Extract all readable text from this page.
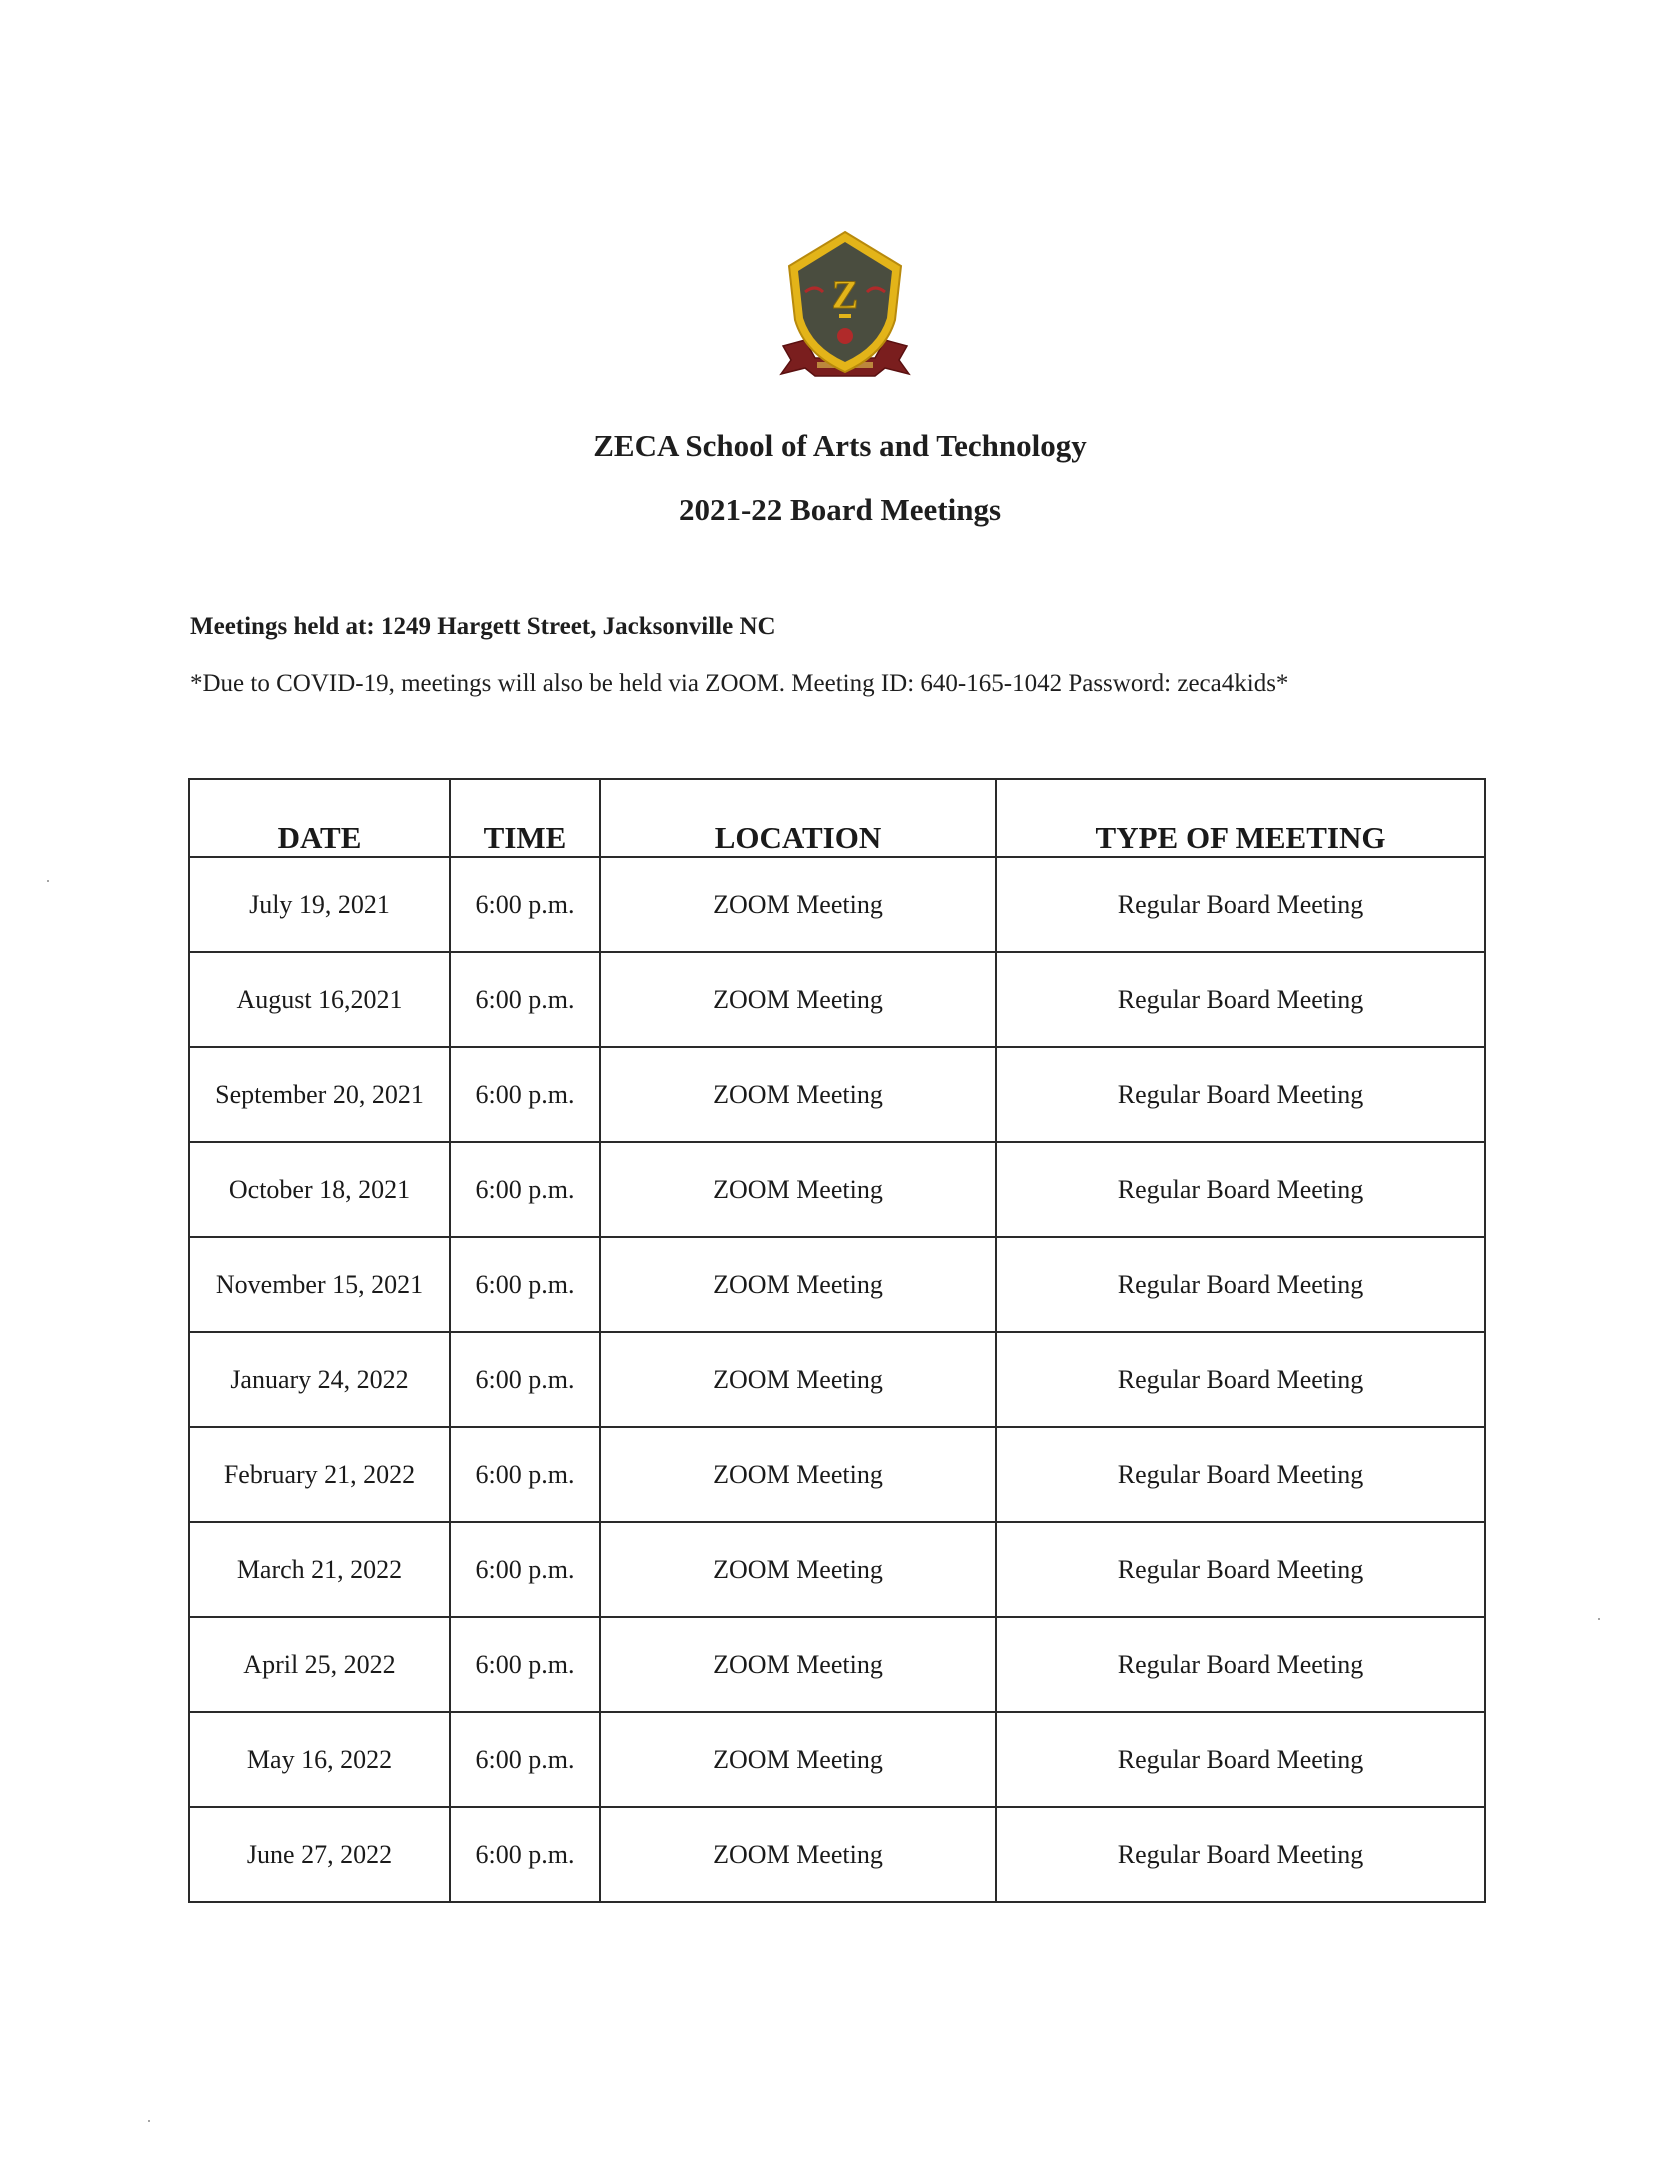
Z
ZECA School of Arts and Technology
2021-22 Board Meetings
Meetings held at: 1249 Hargett Street, Jacksonville NC
*Due to COVID-19, meetings will also be held via ZOOM. Meeting ID: 640-165-1042 Password: zeca4kids*
DATE	TIME	LOCATION	TYPE OF MEETING
July 19, 2021	6:00 p.m.	ZOOM Meeting	Regular Board Meeting
August 16,2021	6:00 p.m.	ZOOM Meeting	Regular Board Meeting
September 20, 2021	6:00 p.m.	ZOOM Meeting	Regular Board Meeting
October 18, 2021	6:00 p.m.	ZOOM Meeting	Regular Board Meeting
November 15, 2021	6:00 p.m.	ZOOM Meeting	Regular Board Meeting
January 24, 2022	6:00 p.m.	ZOOM Meeting	Regular Board Meeting
February 21, 2022	6:00 p.m.	ZOOM Meeting	Regular Board Meeting
March 21, 2022	6:00 p.m.	ZOOM Meeting	Regular Board Meeting
April 25, 2022	6:00 p.m.	ZOOM Meeting	Regular Board Meeting
May 16, 2022	6:00 p.m.	ZOOM Meeting	Regular Board Meeting
June 27, 2022	6:00 p.m.	ZOOM Meeting	Regular Board Meeting
